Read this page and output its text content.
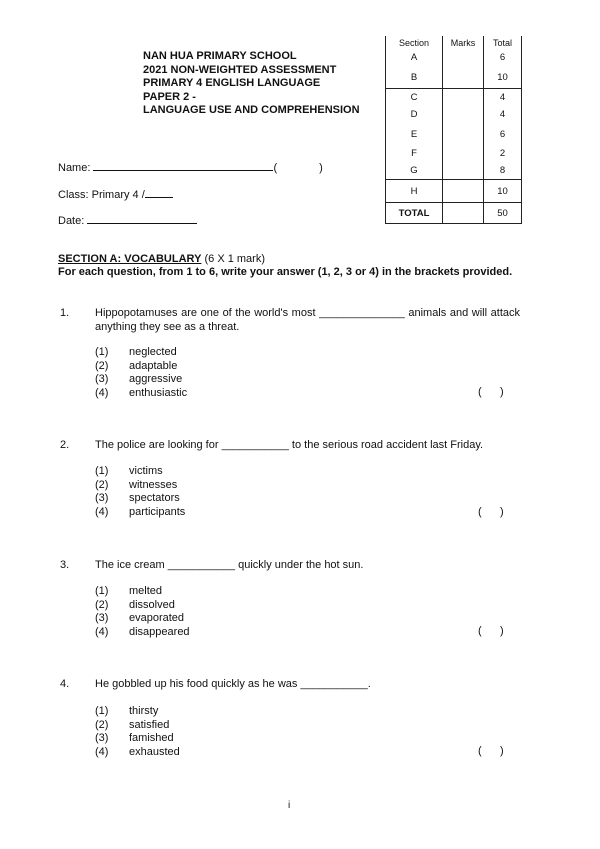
NAN HUA PRIMARY SCHOOL
2021 NON-WEIGHTED ASSESSMENT
PRIMARY 4 ENGLISH LANGUAGE
PAPER 2 -
LANGUAGE USE AND COMPREHENSION
Section	Marks	Total
A		6
B		10
C		4
D		4
E		6
F		2
G		8
H		10
TOTAL		50
Name:	(	)
Class: Primary 4 /
Date:
SECTION A: VOCABULARY (6 X 1 mark)
For each question, from 1 to 6, write your answer (1, 2, 3 or 4) in the brackets provided.
1. Hippopotamuses are one of the world's most ______________ animals and will attack anything they see as a threat.
(1) neglected
(2) adaptable
(3) aggressive
(4) enthusiastic	(      )
2. The police are looking for ___________ to the serious road accident last Friday.
(1) victims
(2) witnesses
(3) spectators
(4) participants	(      )
3. The ice cream ___________ quickly under the hot sun.
(1) melted
(2) dissolved
(3) evaporated
(4) disappeared	(      )
4. He gobbled up his food quickly as he was ___________.
(1) thirsty
(2) satisfied
(3) famished
(4) exhausted	(      )
i
